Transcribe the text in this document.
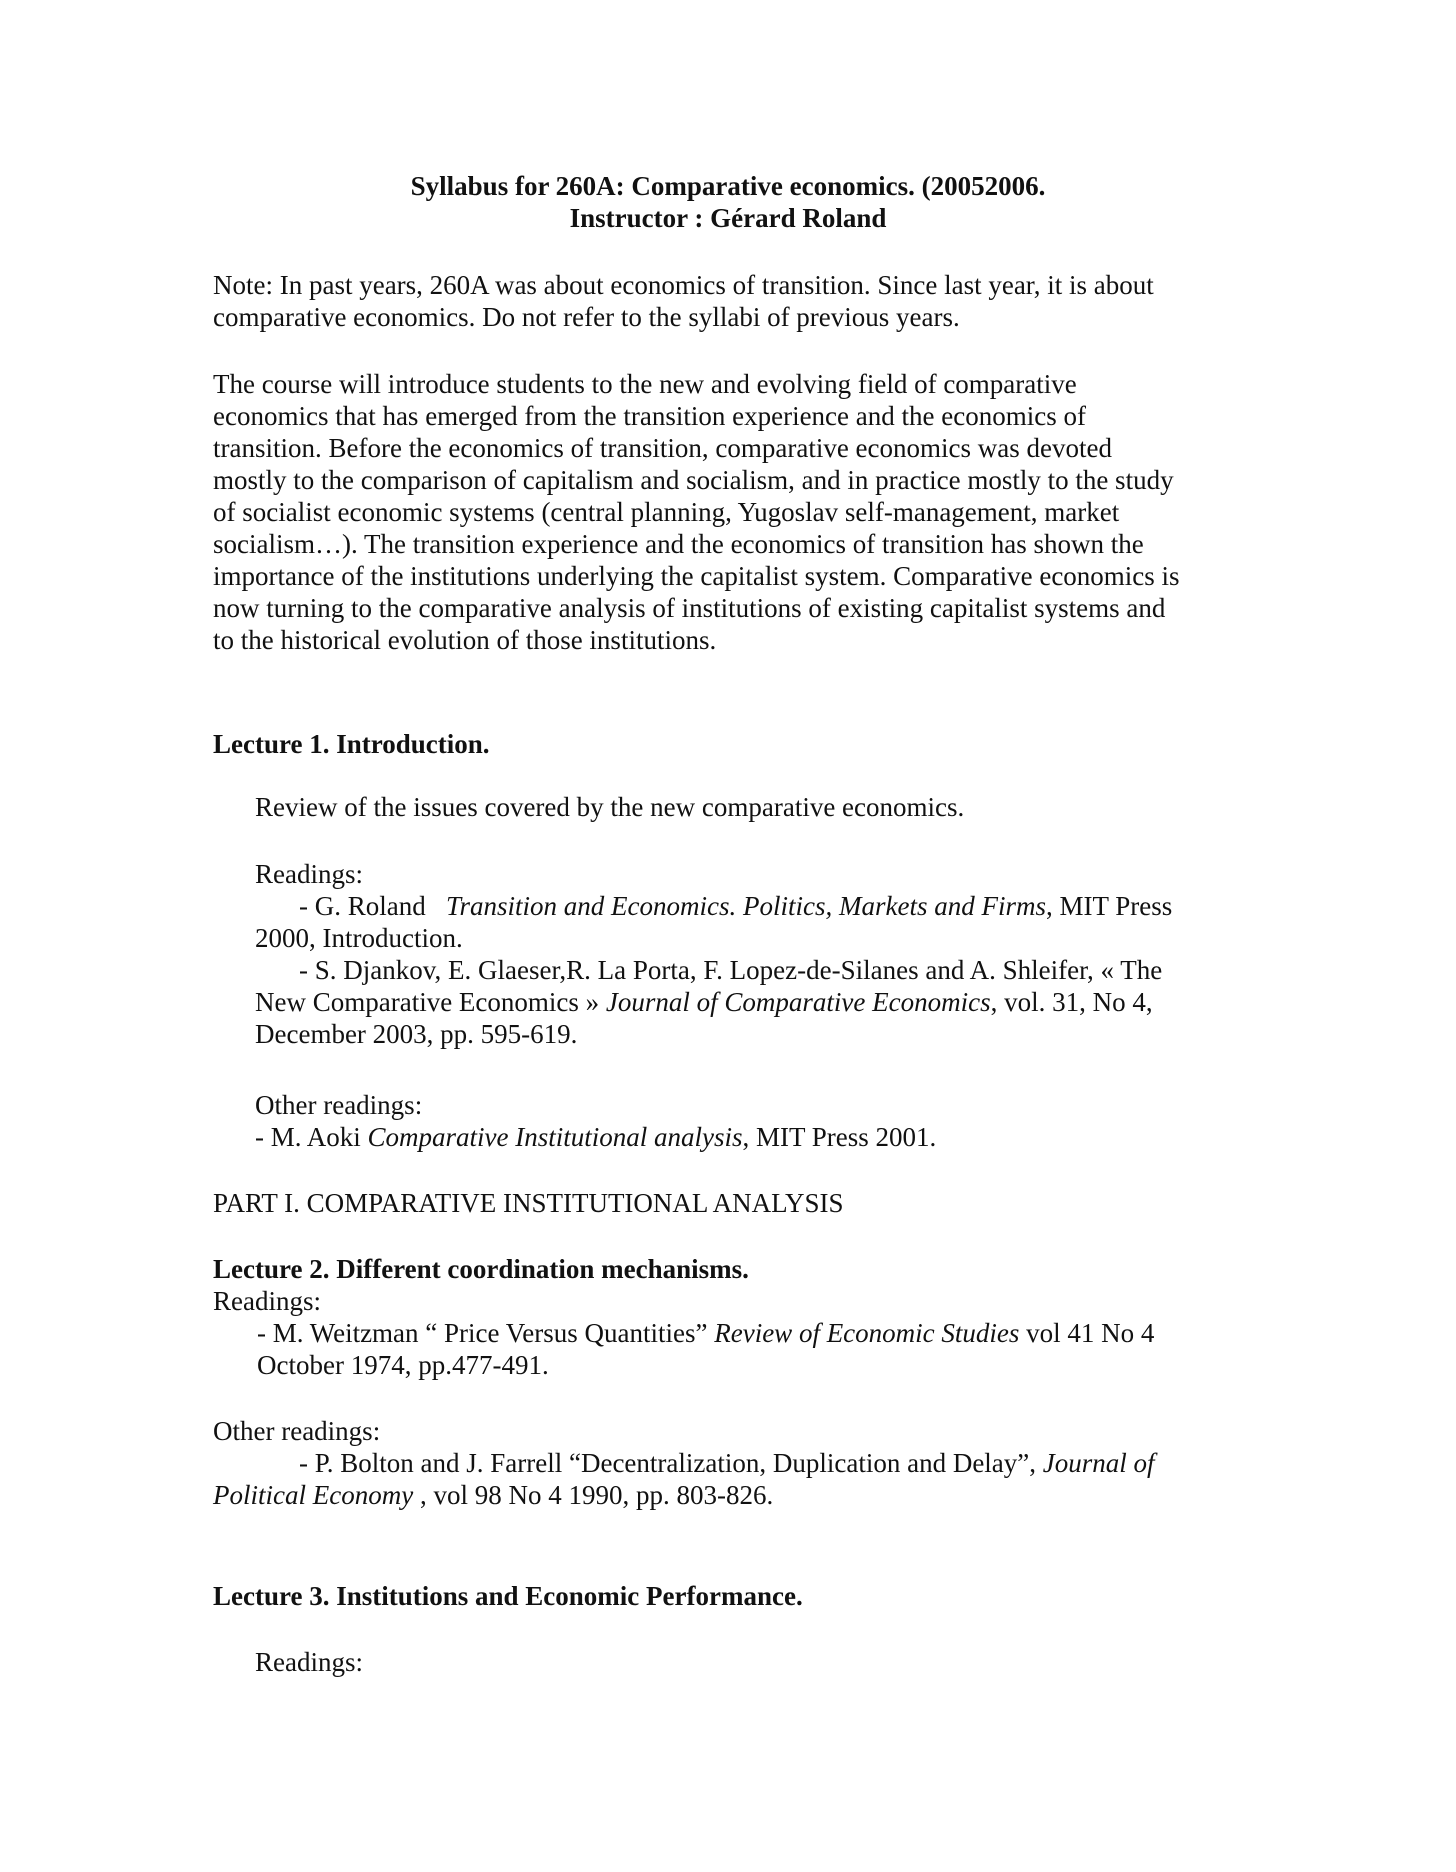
Syllabus for 260A: Comparative economics. (20052006.
Instructor : Gérard Roland
Note: In past years, 260A was about economics of transition. Since last year, it is about
comparative economics. Do not refer to the syllabi of previous years.
The course will introduce students to the new and evolving field of comparative
economics that has emerged from the transition experience and the economics of
transition. Before the economics of transition, comparative economics was devoted
mostly to the comparison of capitalism and socialism, and in practice mostly to the study
of socialist economic systems (central planning, Yugoslav self-management, market
socialism…). The transition experience and the economics of transition has shown the
importance of the institutions underlying the capitalist system. Comparative economics is
now turning to the comparative analysis of institutions of existing capitalist systems and
to the historical evolution of those institutions.
Lecture 1. Introduction.
Review of the issues covered by the new comparative economics.
Readings:
- G. Roland Transition and Economics. Politics, Markets and Firms, MIT Press
2000, Introduction.
- S. Djankov, E. Glaeser,R. La Porta, F. Lopez-de-Silanes and A. Shleifer, « The
New Comparative Economics » Journal of Comparative Economics, vol. 31, No 4,
December 2003, pp. 595-619.
Other readings:
- M. Aoki Comparative Institutional analysis, MIT Press 2001.
PART I. COMPARATIVE INSTITUTIONAL ANALYSIS
Lecture 2. Different coordination mechanisms.
Readings:
- M. Weitzman “ Price Versus Quantities” Review of Economic Studies vol 41 No 4
October 1974, pp.477-491.
Other readings:
- P. Bolton and J. Farrell “Decentralization, Duplication and Delay”, Journal of
Political Economy , vol 98 No 4 1990, pp. 803-826.
Lecture 3. Institutions and Economic Performance.
Readings:
